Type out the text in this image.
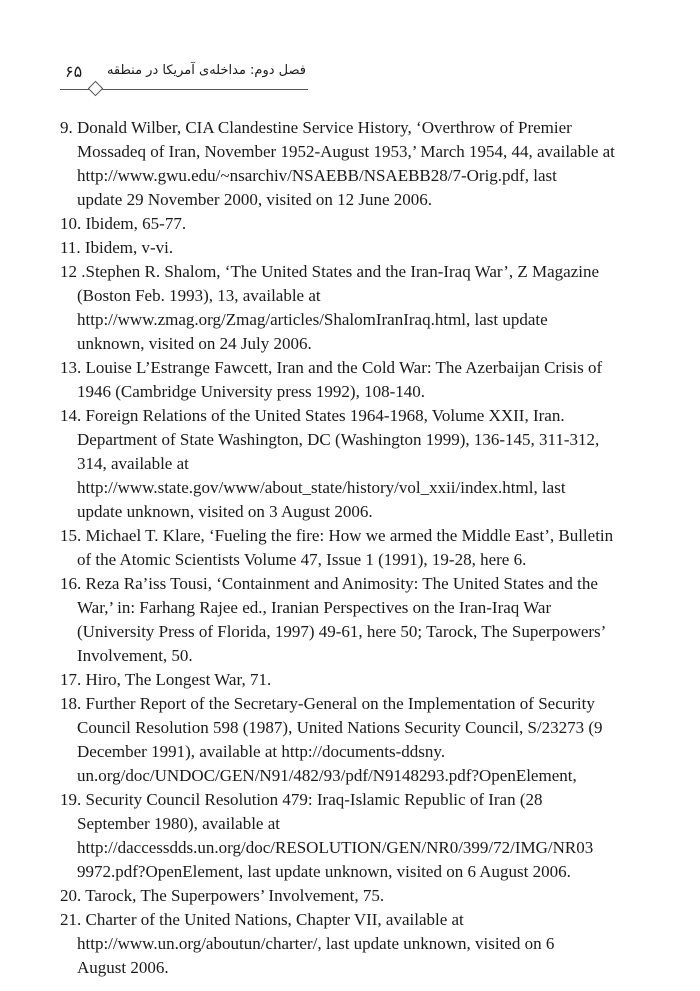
۶۵ فصل دوم: مداخله‌ی آمریکا در منطقه
9. Donald Wilber, CIA Clandestine Service History, ‘Overthrow of Premier
Mossadeq of Iran, November 1952-August 1953,’ March 1954, 44, available at
http://www.gwu.edu/~nsarchiv/NSAEBB/NSAEBB28/7-Orig.pdf, last
update 29 November 2000, visited on 12 June 2006.
10. Ibidem, 65-77.
11. Ibidem, v-vi.
12 .Stephen R. Shalom, ‘The United States and the Iran-Iraq War’, Z Magazine
(Boston Feb. 1993), 13, available at
http://www.zmag.org/Zmag/articles/ShalomIranIraq.html, last update
unknown, visited on 24 July 2006.
13. Louise L’Estrange Fawcett, Iran and the Cold War: The Azerbaijan Crisis of
1946 (Cambridge University press 1992), 108-140.
14. Foreign Relations of the United States 1964-1968, Volume XXII, Iran.
Department of State Washington, DC (Washington 1999), 136-145, 311-312,
314, available at
http://www.state.gov/www/about_state/history/vol_xxii/index.html, last
update unknown, visited on 3 August 2006.
15. Michael T. Klare, ‘Fueling the fire: How we armed the Middle East’, Bulletin
of the Atomic Scientists Volume 47, Issue 1 (1991), 19-28, here 6.
16. Reza Ra’iss Tousi, ‘Containment and Animosity: The United States and the
War,’ in: Farhang Rajee ed., Iranian Perspectives on the Iran-Iraq War
(University Press of Florida, 1997) 49-61, here 50; Tarock, The Superpowers’
Involvement, 50.
17. Hiro, The Longest War, 71.
18. Further Report of the Secretary-General on the Implementation of Security
Council Resolution 598 (1987), United Nations Security Council, S/23273 (9
December 1991), available at http://documents-ddsny.
un.org/doc/UNDOC/GEN/N91/482/93/pdf/N9148293.pdf?OpenElement,
19. Security Council Resolution 479: Iraq-Islamic Republic of Iran (28
September 1980), available at
http://daccessdds.un.org/doc/RESOLUTION/GEN/NR0/399/72/IMG/NR03
9972.pdf?OpenElement, last update unknown, visited on 6 August 2006.
20. Tarock, The Superpowers’ Involvement, 75.
21. Charter of the United Nations, Chapter VII, available at
http://www.un.org/aboutun/charter/, last update unknown, visited on 6
August 2006.
